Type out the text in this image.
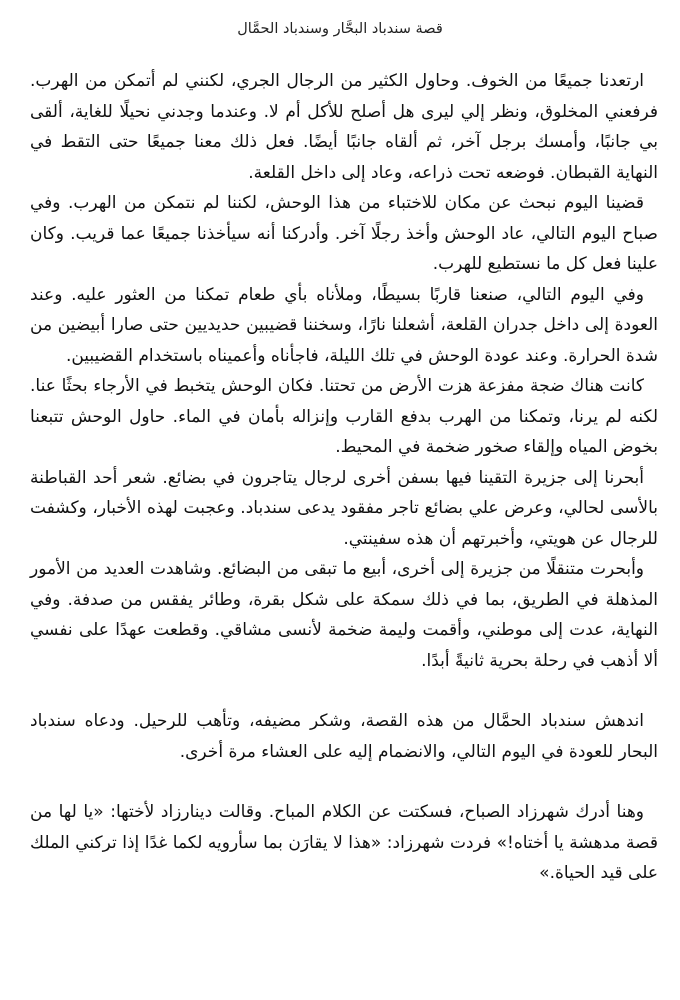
قصة سندباد البحَّار وسندباد الحمَّال

ارتعدنا جميعًا من الخوف. وحاول الكثير من الرجال الجري، لكنني لم أتمكن من الهرب. فرفعني المخلوق، ونظر إلي ليرى هل أصلح للأكل أم لا. وعندما وجدني نحيلًا للغاية، ألقى بي جانبًا، وأمسك برجل آخر، ثم ألقاه جانبًا أيضًا. فعل ذلك معنا جميعًا حتى التقط في النهاية القبطان. فوضعه تحت ذراعه، وعاد إلى داخل القلعة.

قضينا اليوم نبحث عن مكان للاختباء من هذا الوحش، لكننا لم نتمكن من الهرب. وفي صباح اليوم التالي، عاد الوحش وأخذ رجلًا آخر. وأدركنا أنه سيأخذنا جميعًا عما قريب. وكان علينا فعل كل ما نستطيع للهرب.

وفي اليوم التالي، صنعنا قاربًا بسيطًا، وملأناه بأي طعام تمكنا من العثور عليه. وعند العودة إلى داخل جدران القلعة، أشعلنا نارًا، وسخننا قضيبين حديديين حتى صارا أبيضين من شدة الحرارة. وعند عودة الوحش في تلك الليلة، فاجأناه وأعميناه باستخدام القضيبين.

كانت هناك ضجة مفزعة هزت الأرض من تحتنا. فكان الوحش يتخبط في الأرجاء بحثًا عنا. لكنه لم يرنا، وتمكنا من الهرب بدفع القارب وإنزاله بأمان في الماء. حاول الوحش تتبعنا بخوض المياه وإلقاء صخور ضخمة في المحيط.

أبحرنا إلى جزيرة التقينا فيها بسفن أخرى لرجال يتاجرون في بضائع. شعر أحد القباطنة بالأسى لحالي، وعرض علي بضائع تاجر مفقود يدعى سندباد. وعجبت لهذه الأخبار، وكشفت للرجال عن هويتي، وأخبرتهم أن هذه سفينتي.

وأبحرت متنقلًا من جزيرة إلى أخرى، أبيع ما تبقى من البضائع. وشاهدت العديد من الأمور المذهلة في الطريق، بما في ذلك سمكة على شكل بقرة، وطائر يفقس من صدفة. وفي النهاية، عدت إلى موطني، وأقمت وليمة ضخمة لأنسى مشاقي. وقطعت عهدًا على نفسي ألا أذهب في رحلة بحرية ثانيةً أبدًا.

اندهش سندباد الحمَّال من هذه القصة، وشكر مضيفه، وتأهب للرحيل. ودعاه سندباد البحار للعودة في اليوم التالي، والانضمام إليه على العشاء مرة أخرى.

وهنا أدرك شهرزاد الصباح، فسكتت عن الكلام المباح. وقالت دينارزاد لأختها: «يا لها من قصة مدهشة يا أختاه!» فردت شهرزاد: «هذا لا يقارَن بما سأرويه لكما غدًا إذا تركني الملك على قيد الحياة.»
